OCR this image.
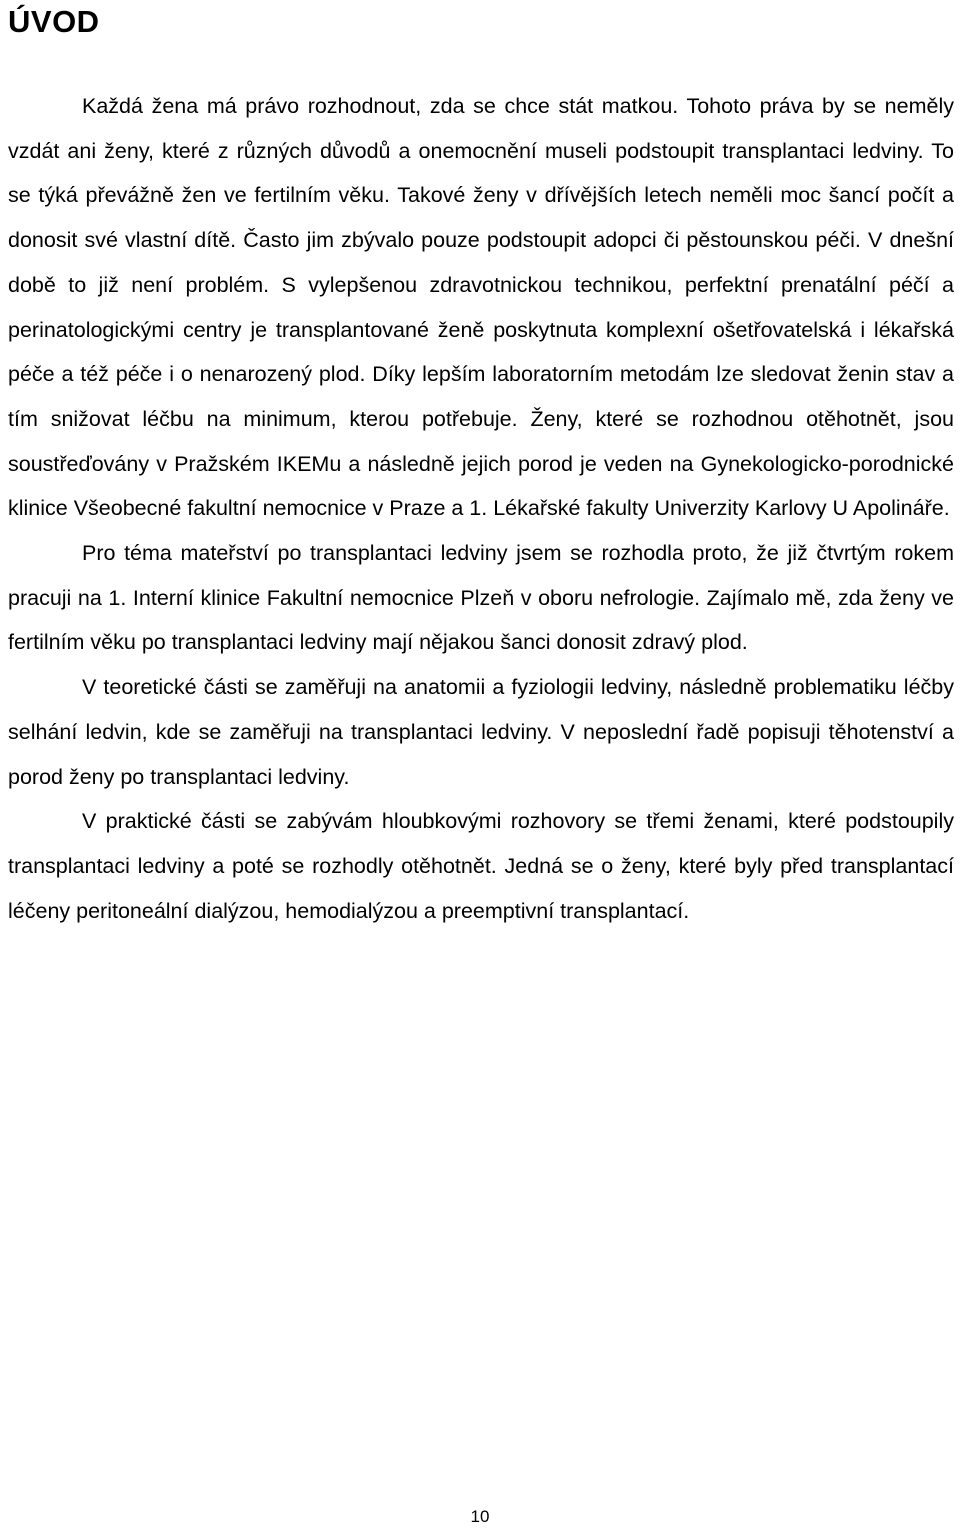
ÚVOD

Každá žena má právo rozhodnout, zda se chce stát matkou. Tohoto práva by se neměly vzdát ani ženy, které z různých důvodů a onemocnění museli podstoupit transplantaci ledviny. To se týká převážně žen ve fertilním věku. Takové ženy v dřívějších letech neměli moc šancí počít a donosit své vlastní dítě. Často jim zbývalo pouze podstoupit adopci či pěstounskou péči. V dnešní době to již není problém. S vylepšenou zdravotnickou technikou, perfektní prenatální péčí a perinatologickými centry je transplantované ženě poskytnuta komplexní ošetřovatelská i lékařská péče a též péče i o nenarozený plod. Díky lepším laboratorním metodám lze sledovat ženin stav a tím snižovat léčbu na minimum, kterou potřebuje. Ženy, které se rozhodnou otěhotnět, jsou soustřeďovány v Pražském IKEMu a následně jejich porod je veden na Gynekologicko-porodnické klinice Všeobecné fakultní nemocnice v Praze a 1. Lékařské fakulty Univerzity Karlovy U Apolináře.

Pro téma mateřství po transplantaci ledviny jsem se rozhodla proto, že již čtvrtým rokem pracuji na 1. Interní klinice Fakultní nemocnice Plzeň v oboru nefrologie. Zajímalo mě, zda ženy ve fertilním věku po transplantaci ledviny mají nějakou šanci donosit zdravý plod.

V teoretické části se zaměřuji na anatomii a fyziologii ledviny, následně problematiku léčby selhání ledvin, kde se zaměřuji na transplantaci ledviny. V neposlední řadě popisuji těhotenství a porod ženy po transplantaci ledviny.

V praktické části se zabývám hloubkovými rozhovory se třemi ženami, které podstoupily transplantaci ledviny a poté se rozhodly otěhotnět. Jedná se o ženy, které byly před transplantací léčeny peritoneální dialýzou, hemodialýzou a preemptivní transplantací.

10
